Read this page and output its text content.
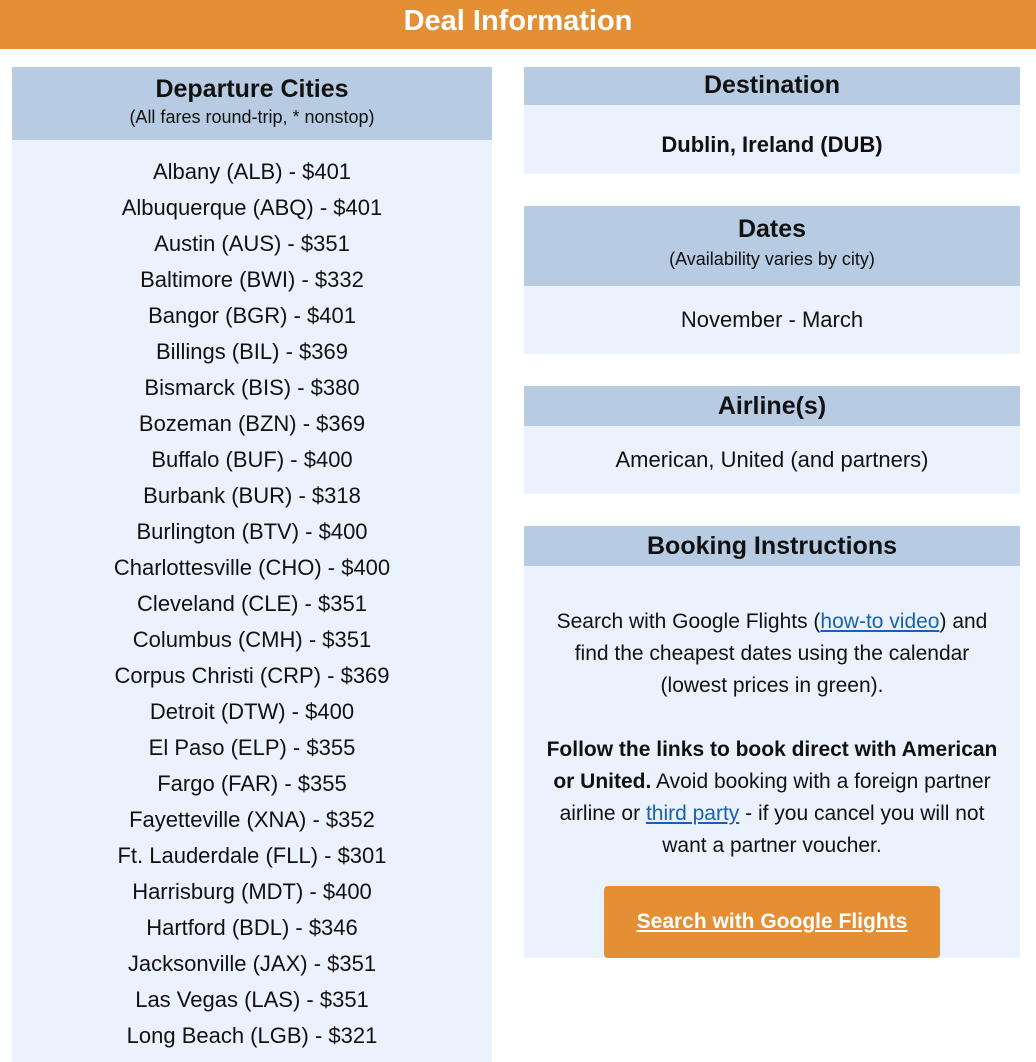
Deal Information
Departure Cities
(All fares round-trip, * nonstop)
Albany (ALB) - $401
Albuquerque (ABQ) - $401
Austin (AUS) - $351
Baltimore (BWI) - $332
Bangor (BGR) - $401
Billings (BIL) - $369
Bismarck (BIS) - $380
Bozeman (BZN) - $369
Buffalo (BUF) - $400
Burbank (BUR) - $318
Burlington (BTV) - $400
Charlottesville (CHO) - $400
Cleveland (CLE) - $351
Columbus (CMH) - $351
Corpus Christi (CRP) - $369
Detroit (DTW) - $400
El Paso (ELP) - $355
Fargo (FAR) - $355
Fayetteville (XNA) - $352
Ft. Lauderdale (FLL) - $301
Harrisburg (MDT) - $400
Hartford (BDL) - $346
Jacksonville (JAX) - $351
Las Vegas (LAS) - $351
Long Beach (LGB) - $321
Destination
Dublin, Ireland (DUB)
Dates
(Availability varies by city)
November - March
Airline(s)
American, United (and partners)
Booking Instructions

Search with Google Flights (how-to video) and find the cheapest dates using the calendar (lowest prices in green).

Follow the links to book direct with American or United. Avoid booking with a foreign partner airline or third party - if you cancel you will not want a partner voucher.

Search with Google Flights
